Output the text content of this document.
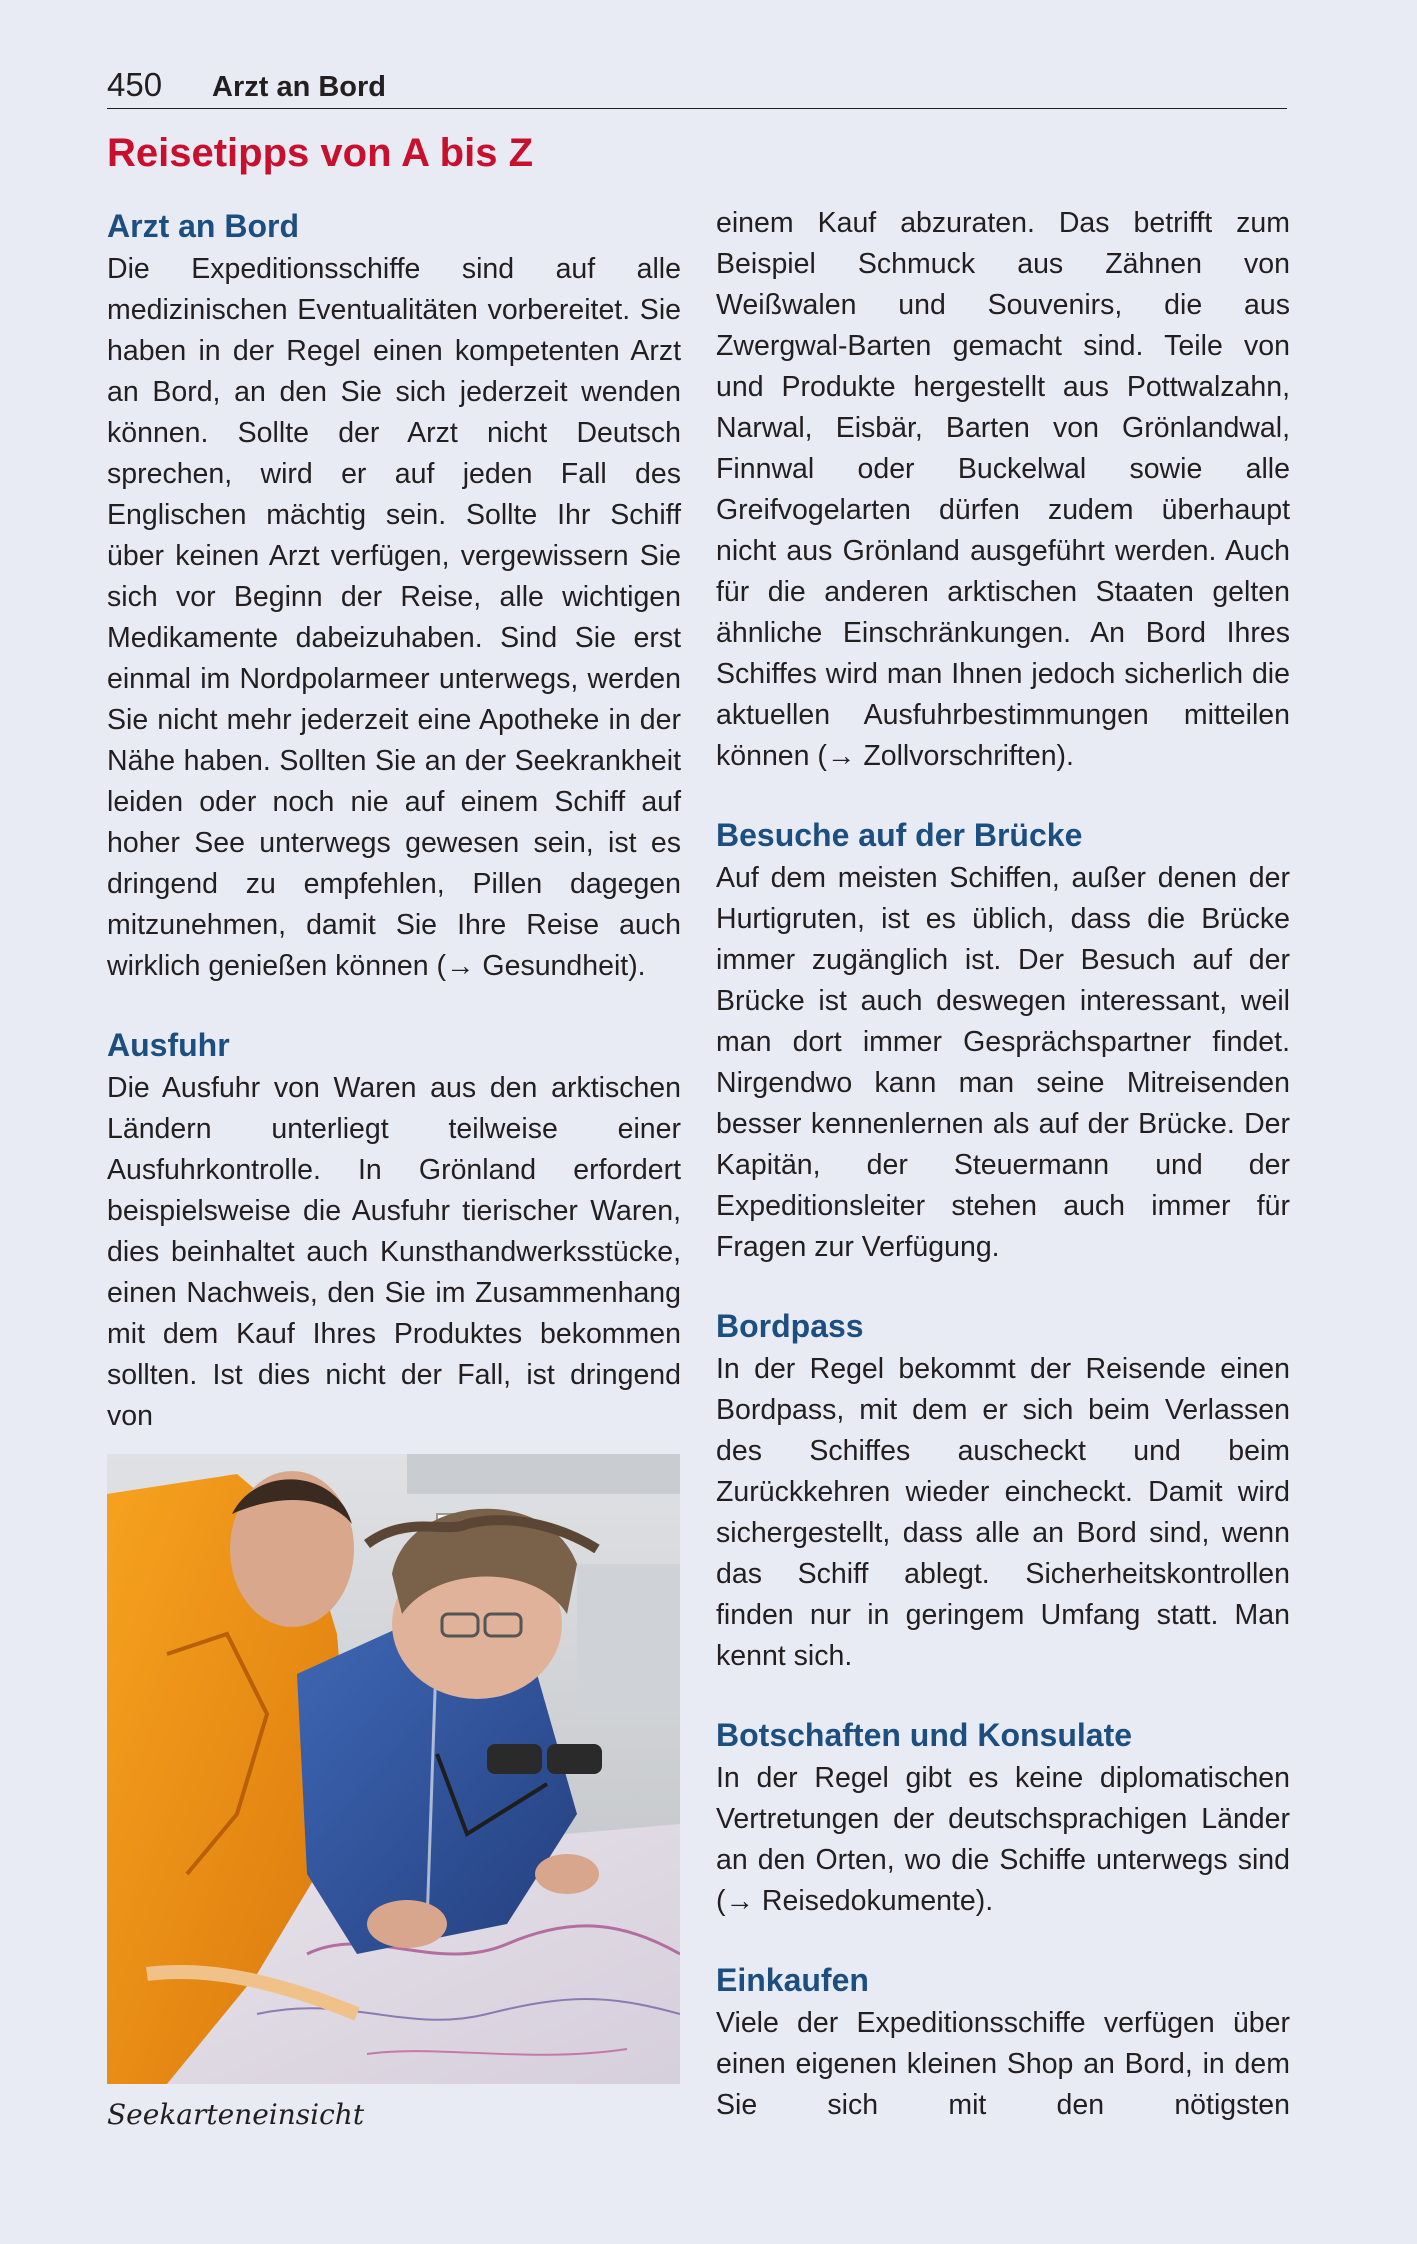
450 Arzt an Bord
Reisetipps von A bis Z
Arzt an Bord

Die Expeditionsschiffe sind auf alle medizinischen Eventualitäten vorbereitet. Sie haben in der Regel einen kompetenten Arzt an Bord, an den Sie sich jederzeit wenden können. Sollte der Arzt nicht Deutsch sprechen, wird er auf jeden Fall des Englischen mächtig sein. Sollte Ihr Schiff über keinen Arzt verfügen, vergewissern Sie sich vor Beginn der Reise, alle wichtigen Medikamente dabeizuhaben. Sind Sie erst einmal im Nordpolarmeer unterwegs, werden Sie nicht mehr jederzeit eine Apotheke in der Nähe haben. Sollten Sie an der Seekrankheit leiden oder noch nie auf einem Schiff auf hoher See unterwegs gewesen sein, ist es dringend zu empfehlen, Pillen dagegen mitzunehmen, damit Sie Ihre Reise auch wirklich genießen können (→ Gesundheit).

Ausfuhr

Die Ausfuhr von Waren aus den arktischen Ländern unterliegt teilweise einer Ausfuhrkontrolle. In Grönland erfordert beispielsweise die Ausfuhr tierischer Waren, dies beinhaltet auch Kunsthandwerksstücke, einen Nachweis, den Sie im Zusammenhang mit dem Kauf Ihres Produktes bekommen sollten. Ist dies nicht der Fall, ist dringend von

Seekarteneinsicht

einem Kauf abzuraten. Das betrifft zum Beispiel Schmuck aus Zähnen von Weißwalen und Souvenirs, die aus Zwergwal-Barten gemacht sind. Teile von und Produkte hergestellt aus Pottwalzahn, Narwal, Eisbär, Barten von Grönlandwal, Finnwal oder Buckelwal sowie alle Greifvogelarten dürfen zudem überhaupt nicht aus Grönland ausgeführt werden. Auch für die anderen arktischen Staaten gelten ähnliche Einschränkungen. An Bord Ihres Schiffes wird man Ihnen jedoch sicherlich die aktuellen Ausfuhrbestimmungen mitteilen können (→ Zollvorschriften).

Besuche auf der Brücke

Auf dem meisten Schiffen, außer denen der Hurtigruten, ist es üblich, dass die Brücke immer zugänglich ist. Der Besuch auf der Brücke ist auch deswegen interessant, weil man dort immer Gesprächspartner findet. Nirgendwo kann man seine Mitreisenden besser kennenlernen als auf der Brücke. Der Kapitän, der Steuermann und der Expeditionsleiter stehen auch immer für Fragen zur Verfügung.

Bordpass

In der Regel bekommt der Reisende einen Bordpass, mit dem er sich beim Verlassen des Schiffes auscheckt und beim Zurückkehren wieder eincheckt. Damit wird sichergestellt, dass alle an Bord sind, wenn das Schiff ablegt. Sicherheitskontrollen finden nur in geringem Umfang statt. Man kennt sich.

Botschaften und Konsulate

In der Regel gibt es keine diplomatischen Vertretungen der deutschsprachigen Länder an den Orten, wo die Schiffe unterwegs sind (→ Reisedokumente).

Einkaufen

Viele der Expeditionsschiffe verfügen über einen eigenen kleinen Shop an Bord, in dem Sie sich mit den nötigsten
